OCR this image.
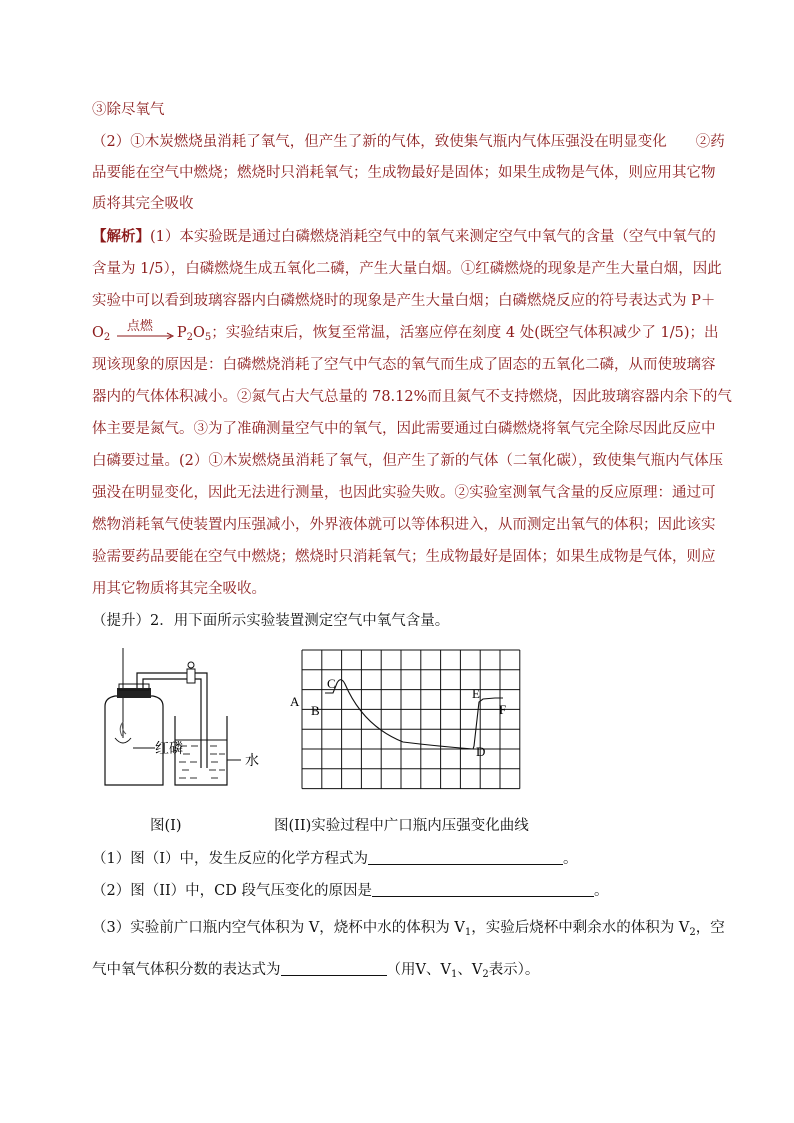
③除尽氧气
（2）①木炭燃烧虽消耗了氧气，但产生了新的气体，致使集气瓶内气体压强没在明显变化　　②药
品要能在空气中燃烧；燃烧时只消耗氧气；生成物最好是固体；如果生成物是气体，则应用其它物
质将其完全吸收
【解析】(1）本实验既是通过白磷燃烧消耗空气中的氧气来测定空气中氧气的含量（空气中氧气的
含量为 1/5），白磷燃烧生成五氧化二磷，产生大量白烟。①红磷燃烧的现象是产生大量白烟，因此
实验中可以看到玻璃容器内白磷燃烧时的现象是产生大量白烟；白磷燃烧反应的符号表达式为 P＋
$O_2$
点燃 $P_2O_5$；实验结束后，恢复至常温，活塞应停在刻度 4 处(既空气体积减少了 1/5)；出
现该现象的原因是：白磷燃烧消耗了空气中气态的氧气而生成了固态的五氧化二磷，从而使玻璃容
器内的气体体积减小。②氮气占大气总量的 78.12%而且氮气不支持燃烧，因此玻璃容器内余下的气
体主要是氮气。③为了准确测量空气中的氧气，因此需要通过白磷燃烧将氧气完全除尽因此反应中
白磷要过量。(2）①木炭燃烧虽消耗了氧气，但产生了新的气体（二氧化碳），致使集气瓶内气体压
强没在明显变化，因此无法进行测量，也因此实验失败。②实验室测氧气含量的反应原理：通过可
燃物消耗氧气使装置内压强减小，外界液体就可以等体积进入，从而测定出氧气的体积；因此该实
验需要药品要能在空气中燃烧；燃烧时只消耗氧气；生成物最好是固体；如果生成物是气体，则应
用其它物质将其完全吸收。
（提升）2．用下面所示实验装置测定空气中氧气含量。
红磷
水
A
B
C
D
E
F
图(I)	图(II)实验过程中广口瓶内压强变化曲线
（1）图（I）中，发生反应的化学方程式为	。
（2）图（II）中，CD 段气压变化的原因是	。
（3）实验前广口瓶内空气体积为 V，烧杯中水的体积为 $V_1$，实验后烧杯中剩余水的体积为 $V_2$，空
气中氧气体积分数的表达式为	（用V、$V_1$、$V_2$表示）。
